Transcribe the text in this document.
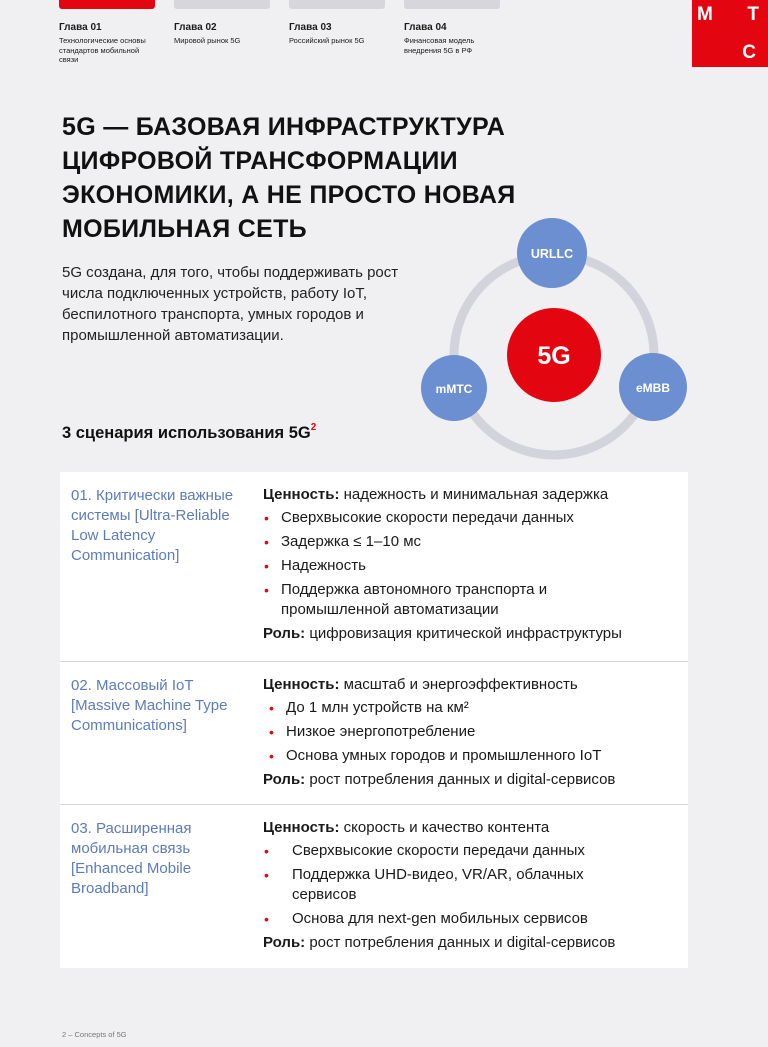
Глава 01
Технологические основы стандартов мобильной связи
Глава 02
Мировой рынок 5G
Глава 03
Российский рынок 5G
Глава 04
Финансовая модель внедрения 5G в РФ
М Т
С
5G — БАЗОВАЯ ИНФРАСТРУКТУРА ЦИФРОВОЙ ТРАНСФОРМАЦИИ ЭКОНОМИКИ, А НЕ ПРОСТО НОВАЯ МОБИЛЬНАЯ СЕТЬ

5G создана, для того, чтобы поддерживать рост числа подключенных устройств, работу IoT, беспилотного транспорта, умных городов и промышленной автоматизации.

5G
URLLC
mMTC	eMBB
3 сценария использования $5G^2$
01. Критически важные системы [Ultra-Reliable Low Latency Communication]
Ценность: надежность и минимальная задержка
• Сверхвысокие скорости передачи данных
• Задержка ≤ 1–10 мс
• Надежность
• Поддержка автономного транспорта и промышленной автоматизации
Роль: цифровизация критической инфраструктуры
02. Массовый IoT [Massive Machine Type Communications]
Ценность: масштаб и энергоэффективность
• До 1 млн устройств на км²
• Низкое энергопотребление
• Основа умных городов и промышленного IoT
Роль: рост потребления данных и digital-сервисов
03. Расширенная мобильная связь [Enhanced Mobile Broadband]
Ценность: скорость и качество контента
• Сверхвысокие скорости передачи данных
• Поддержка UHD-видео, VR/AR, облачных сервисов
• Основа для next-gen мобильных сервисов
Роль: рост потребления данных и digital-сервисов
2 – Concepts of 5G
